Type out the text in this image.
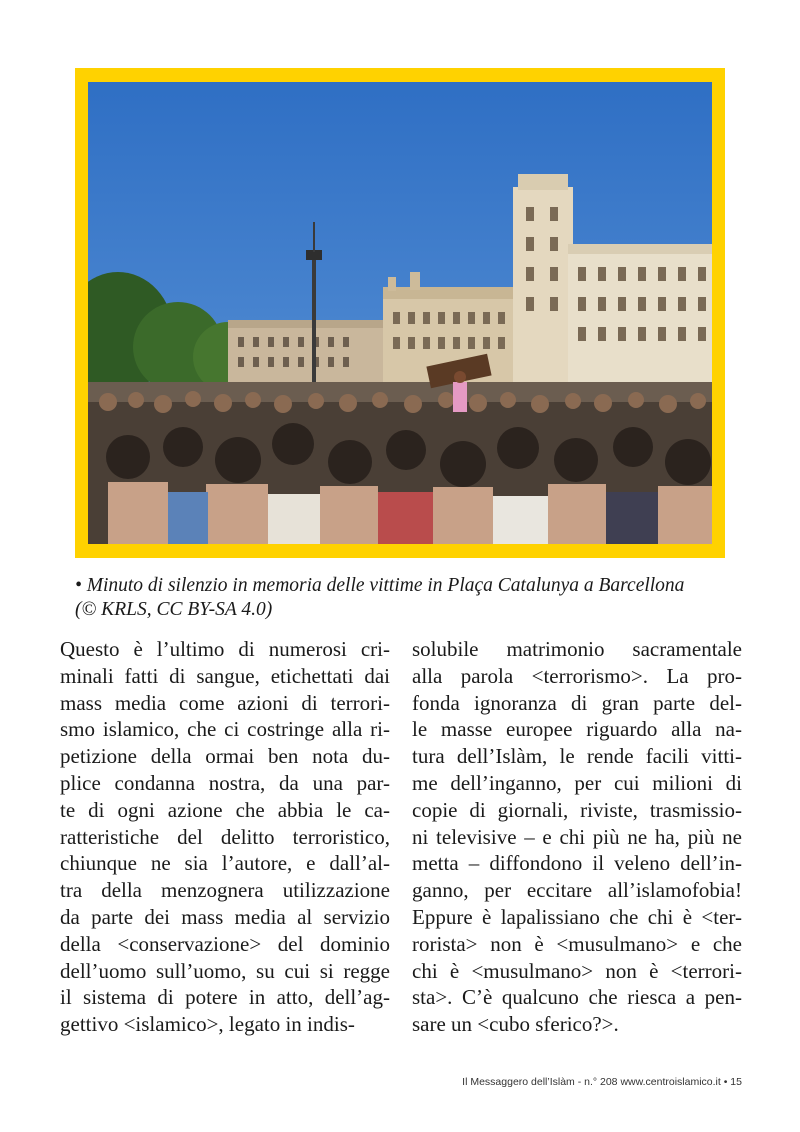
• Minuto di silenzio in memoria delle vittime in Plaça Catalunya a Barcellona
(© KRLS, CC BY-SA 4.0)
Questo è l’ultimo di numerosi cri-
minali fatti di sangue, etichettati dai
mass media come azioni di terrori-
smo islamico, che ci costringe alla ri-
petizione della ormai ben nota du-
plice condanna nostra, da una par-
te di ogni azione che abbia le ca-
ratteristiche del delitto terroristico,
chiunque ne sia l’autore, e dall’al-
tra della menzognera utilizzazione
da parte dei mass media al servizio
della <conservazione> del dominio
dell’uomo sull’uomo, su cui si regge
il sistema di potere in atto, dell’ag-
gettivo <islamico>, legato in indis-
solubile matrimonio sacramentale
alla parola <terrorismo>. La pro-
fonda ignoranza di gran parte del-
le masse europee riguardo alla na-
tura dell’Islàm, le rende facili vitti-
me dell’inganno, per cui milioni di
copie di giornali, riviste, trasmissio-
ni televisive – e chi più ne ha, più ne
metta – diffondono il veleno dell’in-
ganno, per eccitare all’islamofobia!
Eppure è lapalissiano che chi è <ter-
rorista> non è <musulmano> e che
chi è <musulmano> non è <terrori-
sta>. C’è qualcuno che riesca a pen-
sare un <cubo sferico?>.
Il Messaggero dell’Islàm - n.° 208 www.centroislamico.it • 15
